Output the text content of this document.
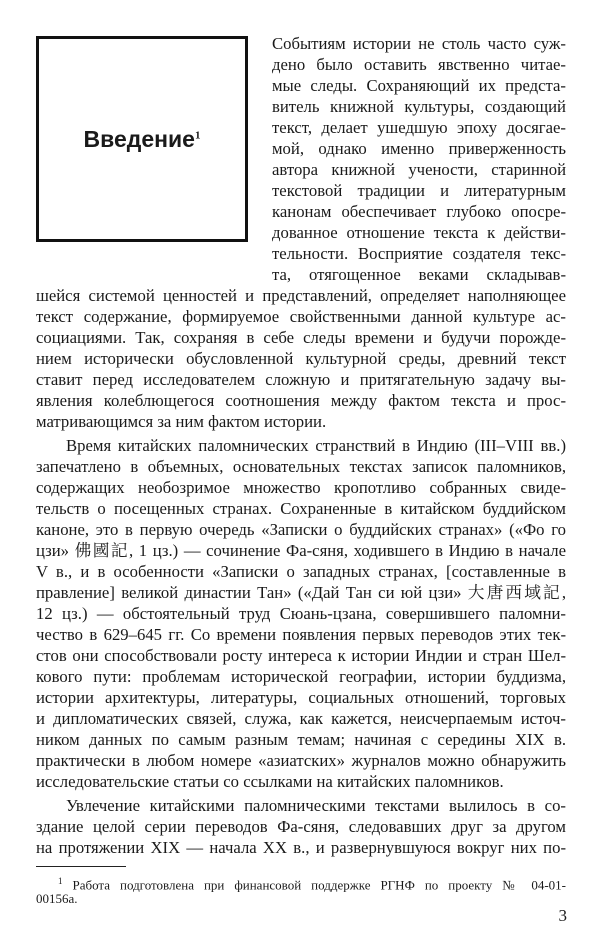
Введение$^1$
Событиям истории не столь часто суж-
дено было оставить явственно читае-
мые следы. Сохраняющий их предста-
витель книжной культуры, создающий
текст, делает ушедшую эпоху досягае-
мой, однако именно приверженность
автора книжной учености, старинной
текстовой традиции и литературным
канонам обеспечивает глубоко опосре-
дованное отношение текста к действи-
тельности. Восприятие создателя текс-
та, отягощенное веками складывав-
шейся системой ценностей и представлений, определяет наполняющее
текст содержание, формируемое свойственными данной культуре ас-
социациями. Так, сохраняя в себе следы времени и будучи порожде-
нием исторически обусловленной культурной среды, древний текст
ставит перед исследователем сложную и притягательную задачу вы-
явления колеблющегося соотношения между фактом текста и прос-
матривающимся за ним фактом истории.
Время китайских паломнических странствий в Индию (III–VIII вв.)
запечатлено в объемных, основательных текстах записок паломников,
содержащих необозримое множество кропотливо собранных свиде-
тельств о посещенных странах. Сохраненные в китайском буддийском
каноне, это в первую очередь «Записки о буддийских странах» («Фо го
цзи» 佛國記, 1 цз.) — сочинение Фа-сяня, ходившего в Индию в начале
V в., и в особенности «Записки о западных странах, [составленные в
правление] великой династии Тан» («Дай Тан си юй цзи» 大唐西域記,
12 цз.) — обстоятельный труд Сюань-цзана, совершившего паломни-
чество в 629–645 гг. Со времени появления первых переводов этих тек-
стов они способствовали росту интереса к истории Индии и стран Шел-
кового пути: проблемам исторической географии, истории буддизма,
истории архитектуры, литературы, социальных отношений, торговых
и дипломатических связей, служа, как кажется, неисчерпаемым источ-
ником данных по самым разным темам; начиная с середины XIX в.
практически в любом номере «азиатских» журналов можно обнаружить
исследовательские статьи со ссылками на китайских паломников.
Увлечение китайскими паломническими текстами вылилось в со-
здание целой серии переводов Фа-сяня, следовавших друг за другом
на протяжении XIX — начала XX в., и развернувшуюся вокруг них по-
$^1$ Работа подготовлена при финансовой поддержке РГНФ по проекту № 04-01-
00156а.
3
